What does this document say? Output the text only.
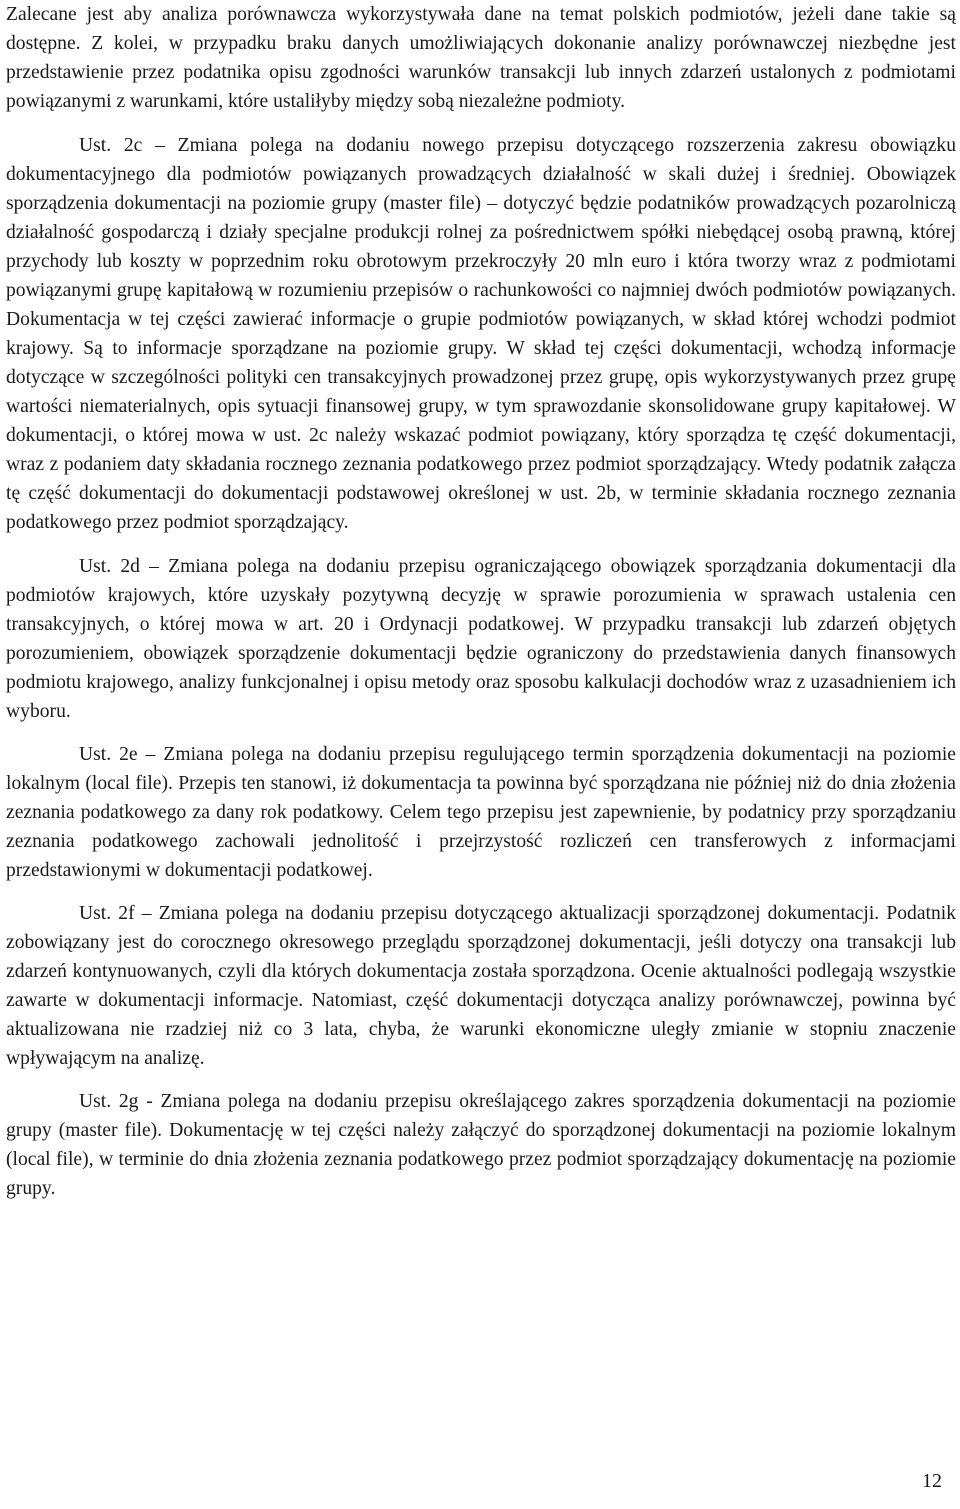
Zalecane jest aby analiza porównawcza wykorzystywała dane na temat polskich podmiotów, jeżeli dane takie są dostępne. Z kolei, w przypadku braku danych umożliwiających dokonanie analizy porównawczej niezbędne jest przedstawienie przez podatnika opisu zgodności warunków transakcji lub innych zdarzeń ustalonych z podmiotami powiązanymi z warunkami, które ustaliłyby między sobą niezależne podmioty.

Ust. 2c – Zmiana polega na dodaniu nowego przepisu dotyczącego rozszerzenia zakresu obowiązku dokumentacyjnego dla podmiotów powiązanych prowadzących działalność w skali dużej i średniej. Obowiązek sporządzenia dokumentacji na poziomie grupy (master file) – dotyczyć będzie podatników prowadzących pozarolniczą działalność gospodarczą i działy specjalne produkcji rolnej za pośrednictwem spółki niebędącej osobą prawną, której przychody lub koszty w poprzednim roku obrotowym przekroczyły 20 mln euro i która tworzy wraz z podmiotami powiązanymi grupę kapitałową w rozumieniu przepisów o rachunkowości co najmniej dwóch podmiotów powiązanych. Dokumentacja w tej części zawierać informacje o grupie podmiotów powiązanych, w skład której wchodzi podmiot krajowy. Są to informacje sporządzane na poziomie grupy. W skład tej części dokumentacji, wchodzą informacje dotyczące w szczególności polityki cen transakcyjnych prowadzonej przez grupę, opis wykorzystywanych przez grupę wartości niematerialnych, opis sytuacji finansowej grupy, w tym sprawozdanie skonsolidowane grupy kapitałowej. W dokumentacji, o której mowa w ust. 2c należy wskazać podmiot powiązany, który sporządza tę część dokumentacji, wraz z podaniem daty składania rocznego zeznania podatkowego przez podmiot sporządzający. Wtedy podatnik załącza tę część dokumentacji do dokumentacji podstawowej określonej w ust. 2b, w terminie składania rocznego zeznania podatkowego przez podmiot sporządzający.

Ust. 2d – Zmiana polega na dodaniu przepisu ograniczającego obowiązek sporządzania dokumentacji dla podmiotów krajowych, które uzyskały pozytywną decyzję w sprawie porozumienia w sprawach ustalenia cen transakcyjnych, o której mowa w art. 20 i Ordynacji podatkowej. W przypadku transakcji lub zdarzeń objętych porozumieniem, obowiązek sporządzenie dokumentacji będzie ograniczony do przedstawienia danych finansowych podmiotu krajowego, analizy funkcjonalnej i opisu metody oraz sposobu kalkulacji dochodów wraz z uzasadnieniem ich wyboru.

Ust. 2e – Zmiana polega na dodaniu przepisu regulującego termin sporządzenia dokumentacji na poziomie lokalnym (local file). Przepis ten stanowi, iż dokumentacja ta powinna być sporządzana nie później niż do dnia złożenia zeznania podatkowego za dany rok podatkowy. Celem tego przepisu jest zapewnienie, by podatnicy przy sporządzaniu zeznania podatkowego zachowali jednolitość i przejrzystość rozliczeń cen transferowych z informacjami przedstawionymi w dokumentacji podatkowej.

Ust. 2f – Zmiana polega na dodaniu przepisu dotyczącego aktualizacji sporządzonej dokumentacji. Podatnik zobowiązany jest do corocznego okresowego przeglądu sporządzonej dokumentacji, jeśli dotyczy ona transakcji lub zdarzeń kontynuowanych, czyli dla których dokumentacja została sporządzona. Ocenie aktualności podlegają wszystkie zawarte w dokumentacji informacje. Natomiast, część dokumentacji dotycząca analizy porównawczej, powinna być aktualizowana nie rzadziej niż co 3 lata, chyba, że warunki ekonomiczne uległy zmianie w stopniu znaczenie wpływającym na analizę.

Ust. 2g - Zmiana polega na dodaniu przepisu określającego zakres sporządzenia dokumentacji na poziomie grupy (master file). Dokumentację w tej części należy załączyć do sporządzonej dokumentacji na poziomie lokalnym (local file), w terminie do dnia złożenia zeznania podatkowego przez podmiot sporządzający dokumentację na poziomie grupy.

12
